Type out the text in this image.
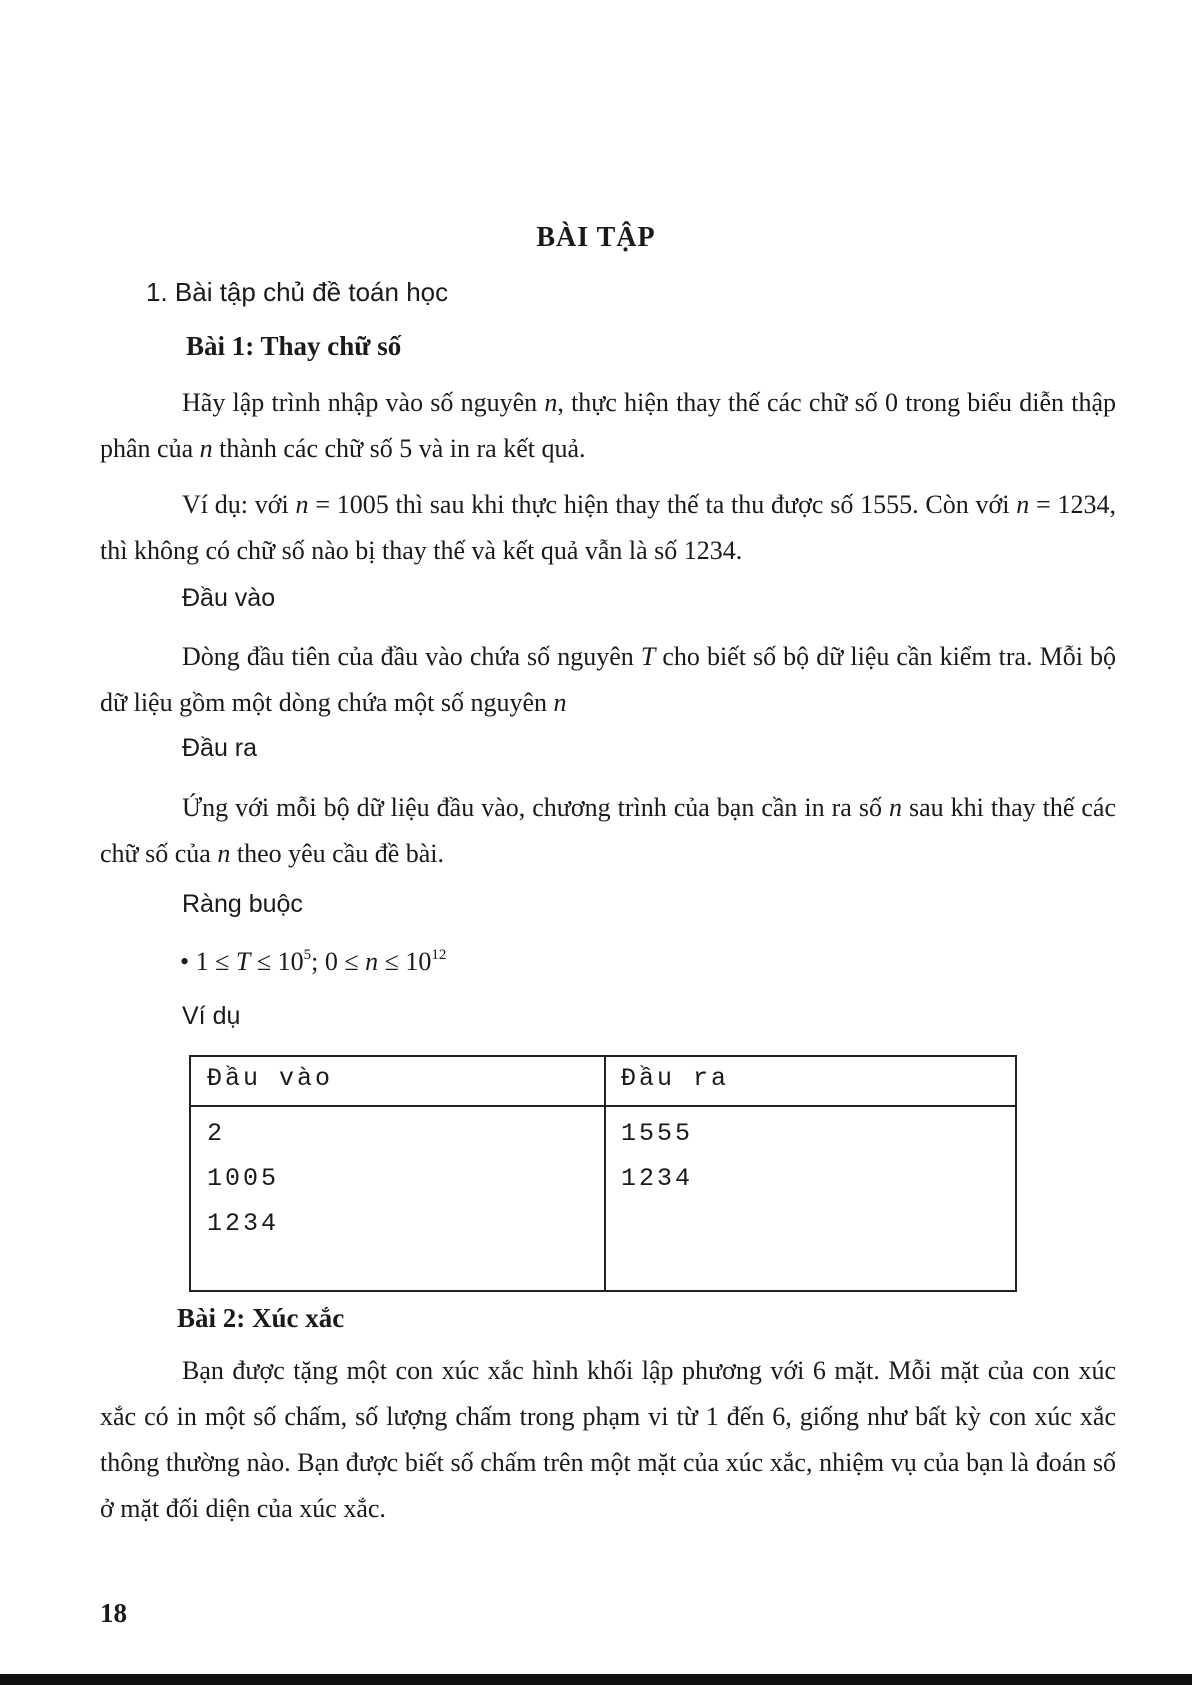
BÀI TẬP
1. Bài tập chủ đề toán học
Bài 1: Thay chữ số

Hãy lập trình nhập vào số nguyên n, thực hiện thay thế các chữ số 0 trong biểu diễn thập phân của n thành các chữ số 5 và in ra kết quả.

Ví dụ: với n = 1005 thì sau khi thực hiện thay thế ta thu được số 1555. Còn với n = 1234, thì không có chữ số nào bị thay thế và kết quả vẫn là số 1234.

Đầu vào

Dòng đầu tiên của đầu vào chứa số nguyên T cho biết số bộ dữ liệu cần kiểm tra. Mỗi bộ dữ liệu gồm một dòng chứa một số nguyên n

Đầu ra

Ứng với mỗi bộ dữ liệu đầu vào, chương trình của bạn cần in ra số n sau khi thay thế các chữ số của n theo yêu cầu đề bài.

Ràng buộc
• $1 \le T \le 10^5$; $0 \le n \le 10^{12}$
Ví dụ
Đầu vào	Đầu ra
2
1005
1234
1555
1234
Bài 2: Xúc xắc

Bạn được tặng một con xúc xắc hình khối lập phương với 6 mặt. Mỗi mặt của con xúc xắc có in một số chấm, số lượng chấm trong phạm vi từ 1 đến 6, giống như bất kỳ con xúc xắc thông thường nào. Bạn được biết số chấm trên một mặt của xúc xắc, nhiệm vụ của bạn là đoán số ở mặt đối diện của xúc xắc.

18
